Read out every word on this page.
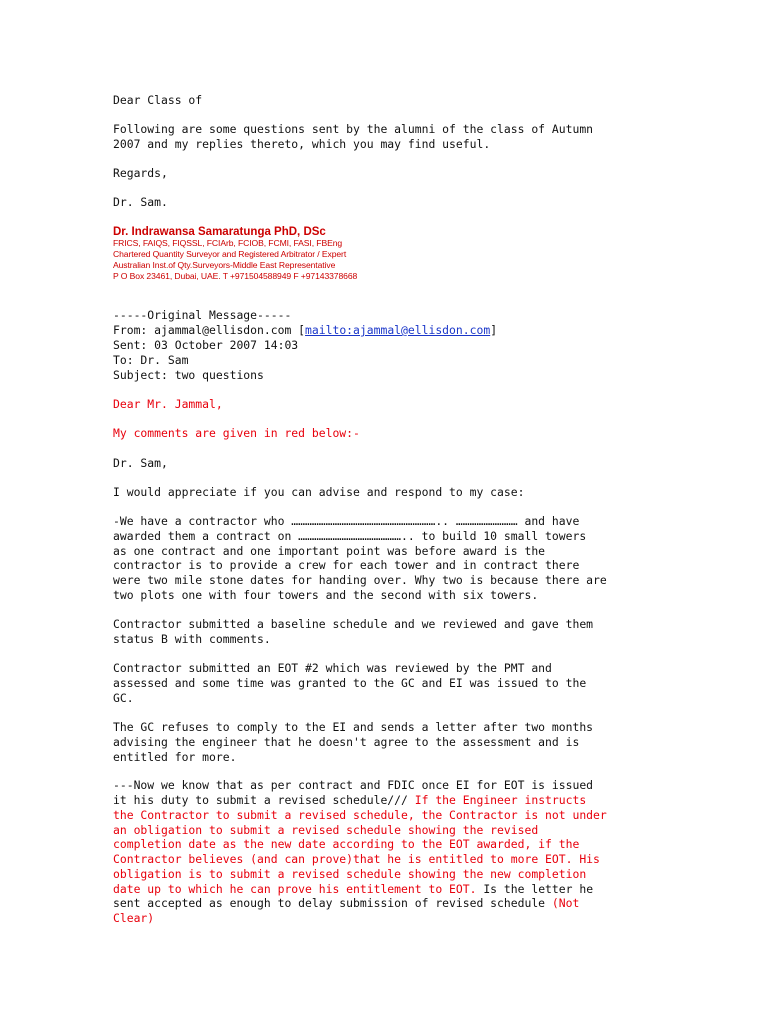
Dear Class of
Following are some questions sent by the alumni of the class of Autumn
2007 and my replies thereto, which you may find useful.
Regards,
Dr. Sam.
Dr. Indrawansa Samaratunga PhD, DSc
FRICS, FAIQS, FIQSSL, FCIArb, FCIOB, FCMI, FASI, FBEng
Chartered Quantity Surveyor and Registered Arbitrator / Expert
Australian Inst.of Qty.Surveyors-Middle East Representative
P O Box 23461, Dubai, UAE. T +971504588949 F +97143378668
-----Original Message-----
From: ajammal@ellisdon.com [mailto:ajammal@ellisdon.com]
Sent: 03 October 2007 14:03
To: Dr. Sam
Subject: two questions
Dear Mr. Jammal,
My comments are given in red below:-
Dr. Sam,
I would appreciate if you can advise and respond to my case:
-We have a contractor who ……………………………………………………….. ……………………… and have
awarded them a contract on ……………………………………….. to build 10 small towers
as one contract and one important point was before award is the
contractor is to provide a crew for each tower and in contract there
were two mile stone dates for handing over. Why two is because there are
two plots one with four towers and the second with six towers.
Contractor submitted a baseline schedule and we reviewed and gave them
status B with comments.
Contractor submitted an EOT #2 which was reviewed by the PMT and
assessed and some time was granted to the GC and EI was issued to the
GC.
The GC refuses to comply to the EI and sends a letter after two months
advising the engineer that he doesn't agree to the assessment and is
entitled for more.
---Now we know that as per contract and FDIC once EI for EOT is issued
it his duty to submit a revised schedule/// If the Engineer instructs
the Contractor to submit a revised schedule, the Contractor is not under
an obligation to submit a revised schedule showing the revised
completion date as the new date according to the EOT awarded, if the
Contractor believes (and can prove)that he is entitled to more EOT. His
obligation is to submit a revised schedule showing the new completion
date up to which he can prove his entitlement to EOT. Is the letter he
sent accepted as enough to delay submission of revised schedule (Not
Clear)
